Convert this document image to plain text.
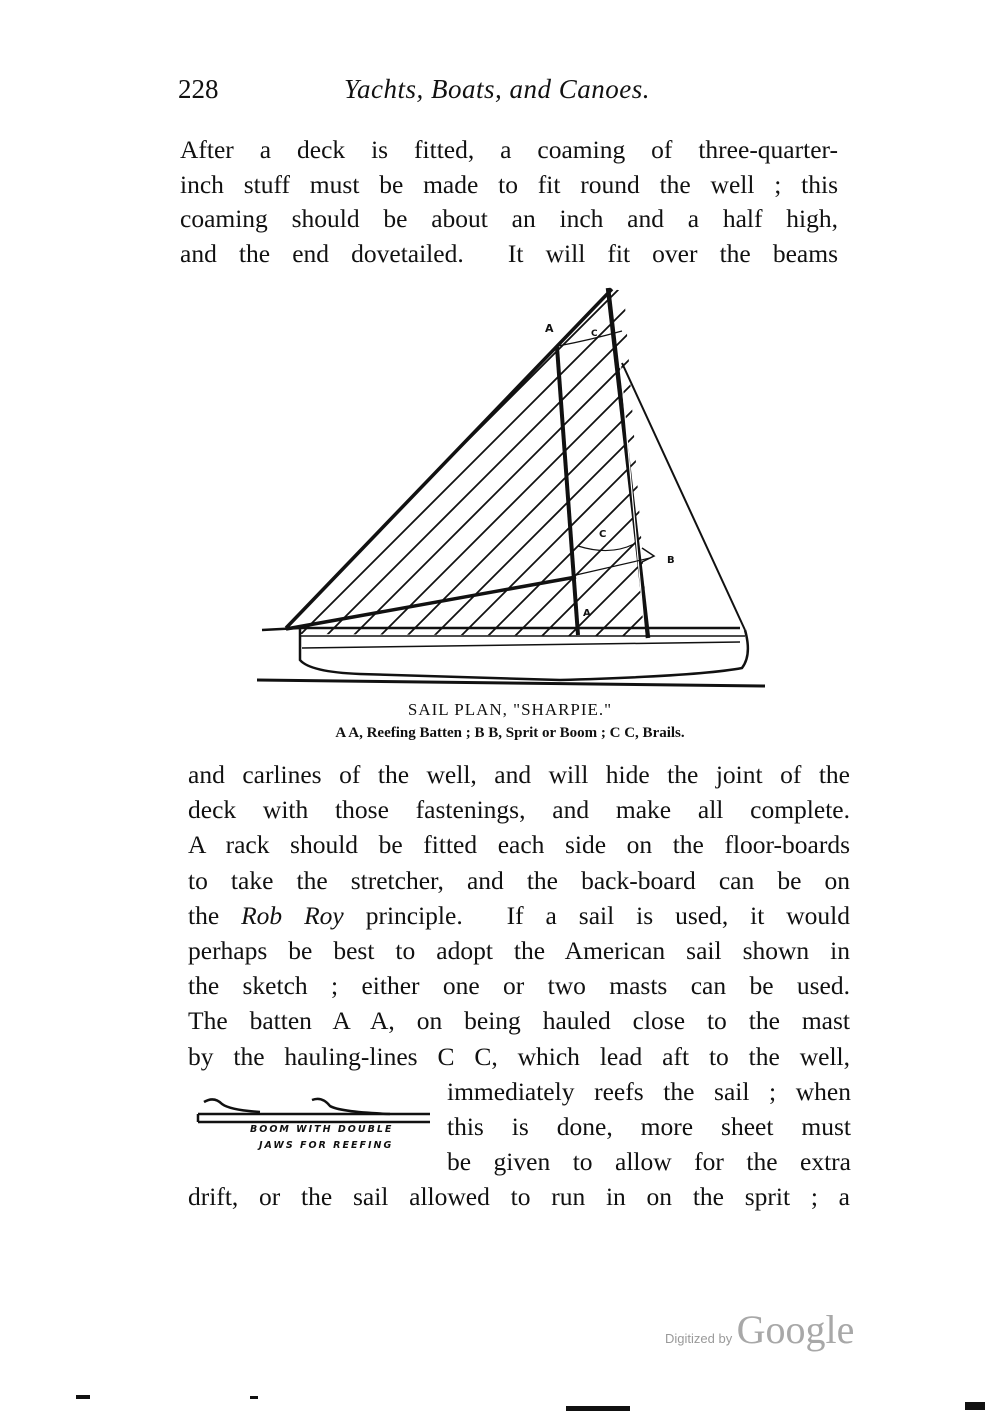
228	Yachts, Boats, and Canoes.
After a deck is fitted, a coaming of three-quarter-
inch stuff must be made to fit round the well ; this
coaming should be about an inch and a half high,
and the end dovetailed.  It will fit over the beams
A	C
C
B
A
SAIL PLAN, "SHARPIE."
A A, Reefing Batten ; B B, Sprit or Boom ; C C, Brails.
and carlines of the well, and will hide the joint of the
deck with those fastenings, and make all complete.
A rack should be fitted each side on the floor-boards
to take the stretcher, and the back-board can be on
the Rob Roy principle.  If a sail is used, it would
perhaps be best to adopt the American sail shown in
the sketch ; either one or two masts can be used.
The batten A A, on being hauled close to the mast
by the hauling-lines C C, which lead aft to the well,
immediately reefs the sail ; when
this is done, more sheet must
be given to allow for the extra
drift, or the sail allowed to run in on the sprit ; a
BOOM WITH DOUBLE
JAWS FOR REEFING
Digitized by Google
